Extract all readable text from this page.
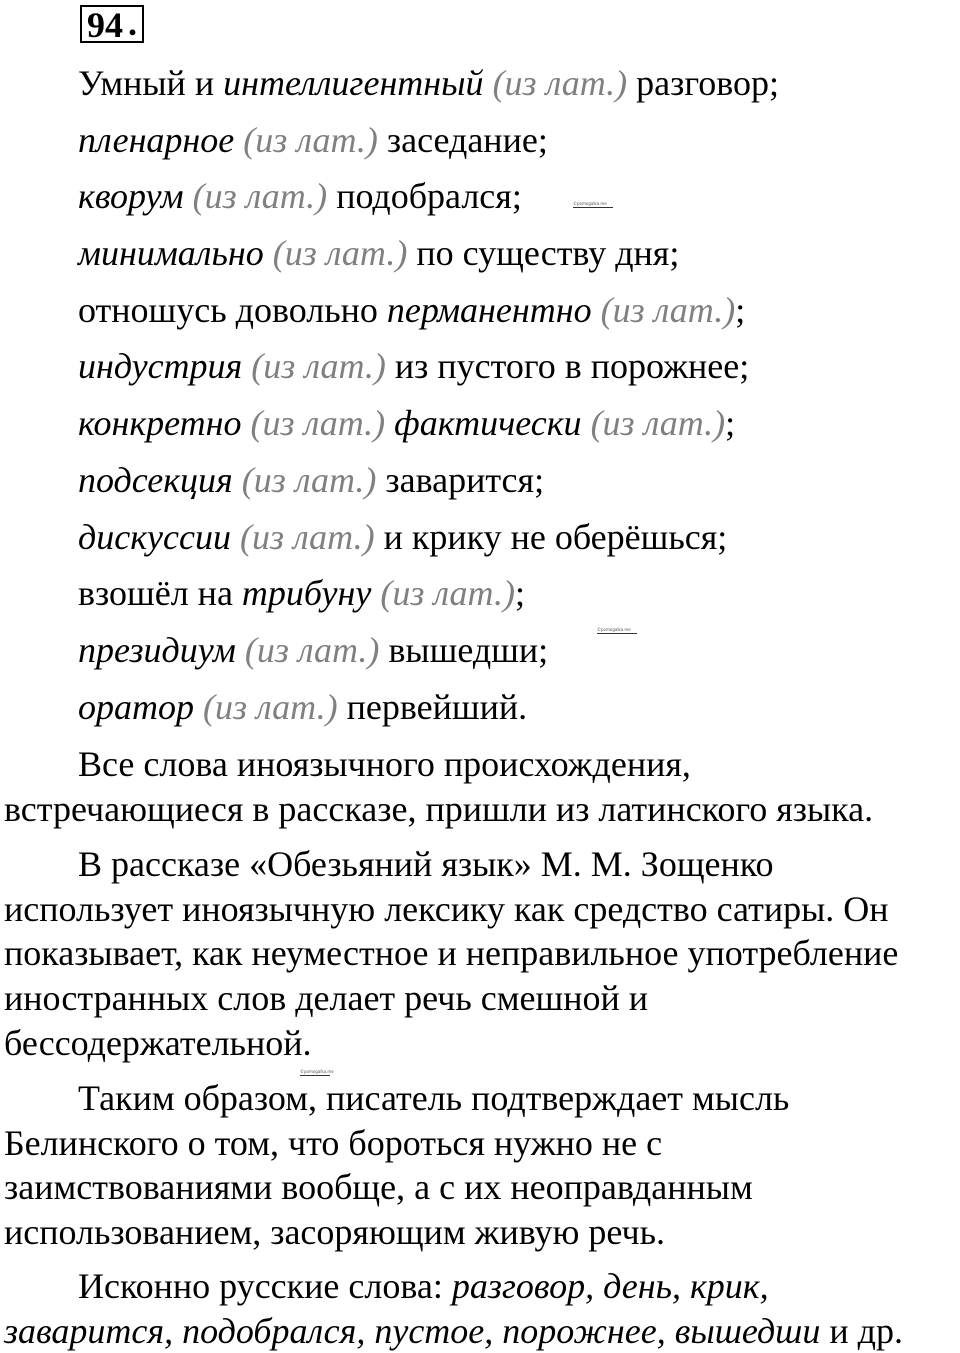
94 .
Умный и интеллигентный (из лат.) разговор;
пленарное (из лат.) заседание;
кворум (из лат.) подобрался;
минимально (из лат.) по существу дня;
отношусь довольно перманентно (из лат.);
индустрия (из лат.) из пустого в порожнее;
конкретно (из лат.) фактически (из лат.);
подсекция (из лат.) заварится;
дискуссии (из лат.) и крику не оберёшься;
взошёл на трибуну (из лат.);
президиум (из лат.) вышедши;
оратор (из лат.) первейший.
©pomogalka.me
©pomogalka.me
©pomogalka.me
Все слова иноязычного происхождения,
встречающиеся в рассказе, пришли из латинского языка.
В рассказе «Обезьяний язык» М. М. Зощенко
использует иноязычную лексику как средство сатиры. Он
показывает, как неуместное и неправильное употребление
иностранных слов делает речь смешной и
бессодержательной.
Таким образом, писатель подтверждает мысль
Белинского о том, что бороться нужно не с
заимствованиями вообще, а с их неоправданным
использованием, засоряющим живую речь.
Исконно русские слова: разговор, день, крик,
заварится, подобрался, пустое, порожнее, вышедши и др.
